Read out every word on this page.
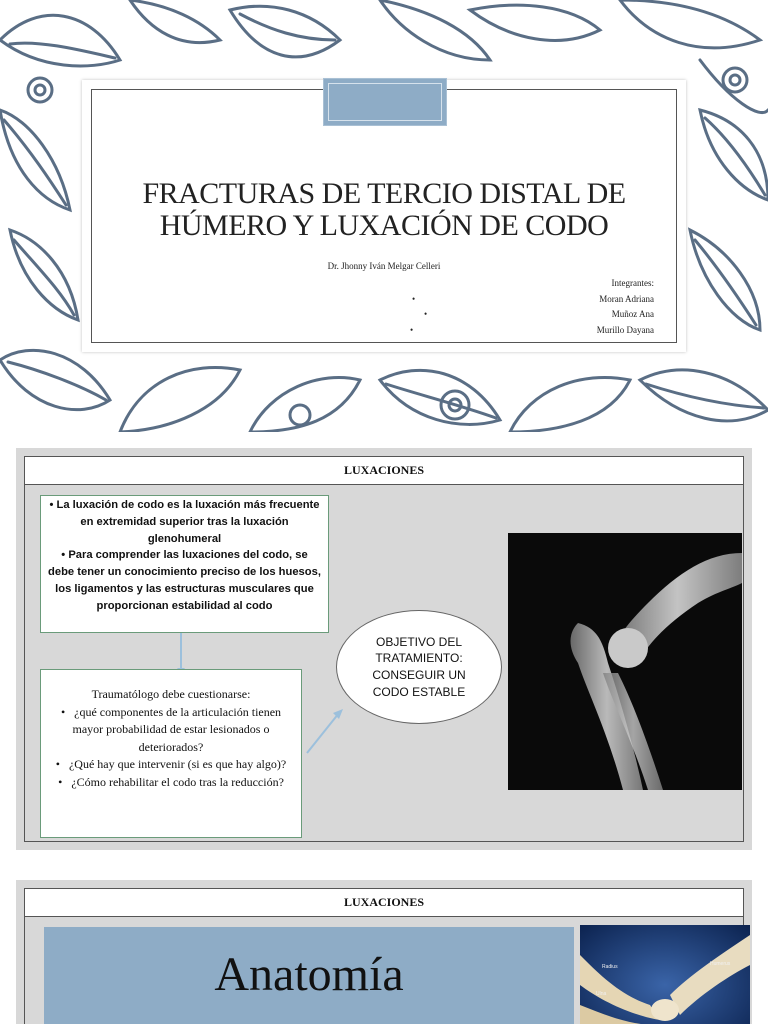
FRACTURAS DE TERCIO DISTAL DE
HÚMERO Y LUXACIÓN DE CODO
Dr. Jhonny Iván Melgar Celleri

•
•
•
Integrantes:
Moran Adriana
Muñoz Ana
Murillo Dayana
LUXACIONES
• La luxación de codo es la luxación más frecuente en extremidad superior tras la luxación glenohumeral
• Para comprender las luxaciones del codo, se debe tener un conocimiento preciso de los huesos, los ligamentos y las estructuras musculares que proporcionan estabilidad al codo
Traumatólogo debe cuestionarse:
•   ¿qué componentes de la articulación tienen mayor probabilidad de estar lesionados o deteriorados?
•   ¿Qué hay que intervenir (si es que hay algo)?
•   ¿Cómo rehabilitar el codo tras la reducción?
OBJETIVO DEL TRATAMIENTO: CONSEGUIR UN CODO ESTABLE
LUXACIONES
Anatomía	Radius	Humerus
Ulna
